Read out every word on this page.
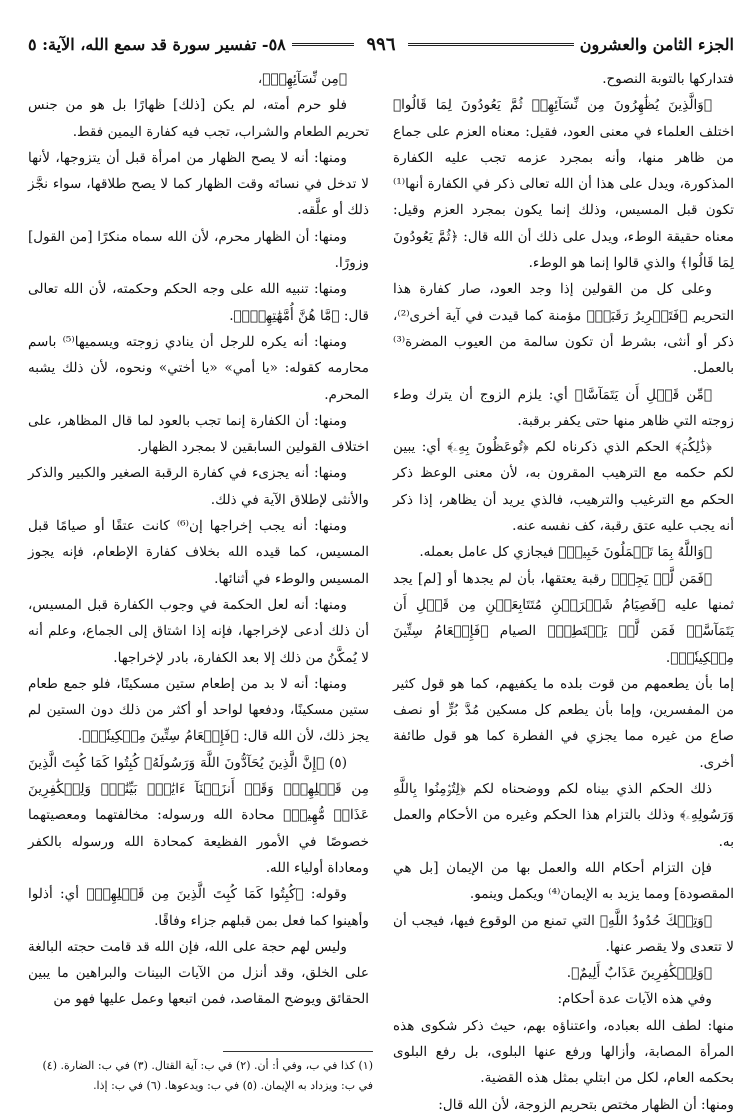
الجزء الثامن والعشرون
٩٩٦
٥٨- تفسير سورة قد سمع الله، الآية: ٥

فتداركها بالتوبة النصوح.

﴿وَالَّذِينَ يُظَٰهِرُونَ مِن نِّسَآئِهِمۡ ثُمَّ يَعُودُونَ لِمَا قَالُوا﴾ اختلف العلماء في معنى العود، فقيل: معناه العزم على جماع من ظاهر منها، وأنه بمجرد عزمه تجب عليه الكفارة المذكورة، ويدل على هذا أن الله تعالى ذكر في الكفارة أنها⁽¹⁾ تكون قبل المسيس، وذلك إنما يكون بمجرد العزم وقيل: معناه حقيقة الوطء، ويدل على ذلك أن الله قال: ﴿ثُمَّ يَعُودُونَ لِمَا قَالُوا﴾ والذي قالوا إنما هو الوطء.

وعلى كل من القولين إذا وجد العود، صار كفارة هذا التحريم ﴿فَتَحۡرِيرُ رَقَبَةٖ﴾ مؤمنة كما قيدت في آية أخرى⁽²⁾، ذكر أو أنثى، بشرط أن تكون سالمة من العيوب المضرة⁽³⁾ بالعمل.

﴿مِّن قَبۡلِ أَن يَتَمَآسَّا﴾ أي: يلزم الزوج أن يترك وطء زوجته التي ظاهر منها حتى يكفر برقبة.

﴿ذَٰلِكُمۡ﴾ الحكم الذي ذكرناه لكم ﴿تُوعَظُونَ بِهِۦ﴾ أي: يبين لكم حكمه مع الترهيب المقرون به، لأن معنى الوعظ ذكر الحكم مع الترغيب والترهيب، فالذي يريد أن يظاهر، إذا ذكر أنه يجب عليه عتق رقبة، كف نفسه عنه.

﴿وَاللَّهُ بِمَا تَعۡمَلُونَ خَبِيرٞ﴾ فيجازي كل عامل بعمله.

﴿فَمَن لَّمۡ يَجِدۡ﴾ رقبة يعتقها، بأن لم يجدها أو [لم] يجد ثمنها عليه ﴿فَصِيَامُ شَهۡرَيۡنِ مُتَتَابِعَيۡنِ مِن قَبۡلِ أَن يَتَمَآسَّاۖ فَمَن لَّمۡ يَسۡتَطِعۡ﴾ الصيام ﴿فَإِطۡعَامُ سِتِّينَ مِسۡكِينٗاۚ﴾.

إما بأن يطعمهم من قوت بلده ما يكفيهم، كما هو قول كثير من المفسرين، وإما بأن يطعم كل مسكين مُدَّ بُرٍّ أو نصف صاع من غيره مما يجزي في الفطرة كما هو قول طائفة أخرى.

ذلك الحكم الذي بيناه لكم ووضحناه لكم ﴿لِتُؤۡمِنُوا بِاللَّهِ وَرَسُولِهِۦ﴾ وذلك بالتزام هذا الحكم وغيره من الأحكام والعمل به.

فإن التزام أحكام الله والعمل بها من الإيمان [بل هي المقصودة] ومما يزيد به الإيمان⁽⁴⁾ ويكمل وينمو.

﴿وَتِلۡكَ حُدُودُ اللَّهِ﴾ التي تمنع من الوقوع فيها، فيجب أن لا تتعدى ولا يقصر عنها.

﴿وَلِلۡكَٰفِرِينَ عَذَابٌ أَلِيمٌ﴾.

وفي هذه الآيات عدة أحكام:

منها: لطف الله بعباده، واعتناؤه بهم، حيث ذكر شكوى هذه المرأة المصابة، وأزالها ورفع عنها البلوى، بل رفع البلوى بحكمه العام، لكل من ابتلي بمثل هذه القضية.

ومنها: أن الظهار مختص بتحريم الزوجة، لأن الله قال:

﴿مِن نِّسَآئِهِمۡ﴾،

فلو حرم أمته، لم يكن [ذلك] ظهارًا بل هو من جنس تحريم الطعام والشراب، تجب فيه كفارة اليمين فقط.

ومنها: أنه لا يصح الظهار من امرأة قبل أن يتزوجها، لأنها لا تدخل في نسائه وقت الظهار كما لا يصح طلاقها، سواء نجَّز ذلك أو علَّقه.

ومنها: أن الظهار محرم، لأن الله سماه منكرًا [من القول] وزورًا.

ومنها: تنبيه الله على وجه الحكم وحكمته، لأن الله تعالى قال: ﴿مَّا هُنَّ أُمَّهَٰتِهِمۡۖ﴾.

ومنها: أنه يكره للرجل أن ينادي زوجته ويسميها⁽⁵⁾ باسم محارمه كقوله: «يا أمي» «يا أختي» ونحوه، لأن ذلك يشبه المحرم.

ومنها: أن الكفارة إنما تجب بالعود لما قال المظاهر، على اختلاف القولين السابقين لا بمجرد الظهار.

ومنها: أنه يجزىء في كفارة الرقبة الصغير والكبير والذكر والأنثى لإطلاق الآية في ذلك.

ومنها: أنه يجب إخراجها إن⁽⁶⁾ كانت عتقًا أو صيامًا قبل المسيس، كما قيده الله بخلاف كفارة الإطعام، فإنه يجوز المسيس والوطء في أثنائها.

ومنها: أنه لعل الحكمة في وجوب الكفارة قبل المسيس، أن ذلك أدعى لإخراجها، فإنه إذا اشتاق إلى الجماع، وعلم أنه لا يُمكَّنُ من ذلك إلا بعد الكفارة، بادر لإخراجها.

ومنها: أنه لا بد من إطعام ستين مسكينًا، فلو جمع طعام ستين مسكينًا، ودفعها لواحد أو أكثر من ذلك دون الستين لم يجز ذلك، لأن الله قال: ﴿فَإِطۡعَامُ سِتِّينَ مِسۡكِينٗاۚ﴾.

(٥) ﴿إِنَّ الَّذِينَ يُحَآدُّونَ اللَّهَ وَرَسُولَهُۥ كُبِتُوا كَمَا كُبِتَ الَّذِينَ مِن قَبۡلِهِمۡۚ وَقَدۡ أَنزَلۡنَآ ءَايَٰتِۭ بَيِّنَٰتٖۚ وَلِلۡكَٰفِرِينَ عَذَابٞ مُّهِينٞ﴾ محادة الله ورسوله: مخالفتهما ومعصيتهما خصوصًا في الأمور الفظيعة كمحادة الله ورسوله بالكفر ومعاداة أولياء الله.

وقوله: ﴿كُبِتُوا كَمَا كُبِتَ الَّذِينَ مِن قَبۡلِهِمۡ﴾ أي: أذلوا وأهينوا كما فعل بمن قبلهم جزاء وفاقًا.

وليس لهم حجة على الله، فإن الله قد قامت حجته البالغة على الخلق، وقد أنزل من الآيات البينات والبراهين ما يبين الحقائق ويوضح المقاصد، فمن اتبعها وعمل عليها فهو من

(١) كذا في ب، وفي أ: أن. (٢) في ب: آية القتال. (٣) في ب: الضارة. (٤) في ب: ويزداد به الإيمان. (٥) في ب: ويدعوها. (٦) في ب: إذا.
